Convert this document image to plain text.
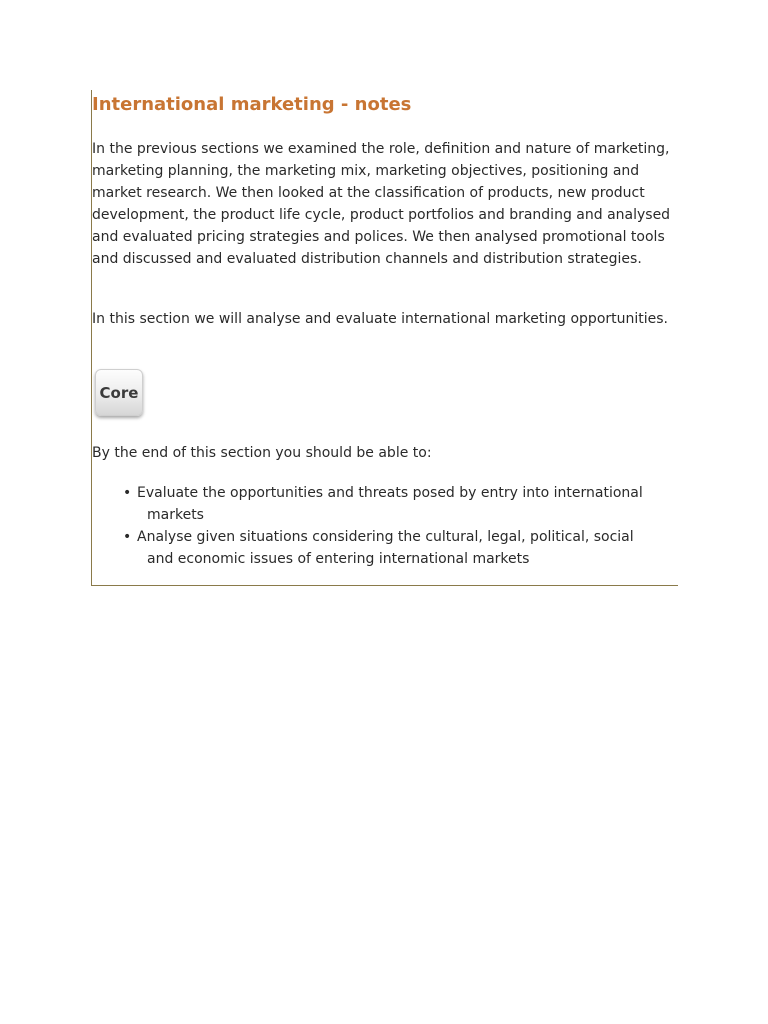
International marketing - notes

In the previous sections we examined the role, definition and nature of marketing, marketing planning, the marketing mix, marketing objectives, positioning and market research. We then looked at the classification of products, new product development, the product life cycle, product portfolios and branding and analysed and evaluated pricing strategies and polices. We then analysed promotional tools and discussed and evaluated distribution channels and distribution strategies.

In this section we will analyse and evaluate international marketing opportunities.

Core

By the end of this section you should be able to:

• Evaluate the opportunities and threats posed by entry into international
markets
• Analyse given situations considering the cultural, legal, political, social
and economic issues of entering international markets
